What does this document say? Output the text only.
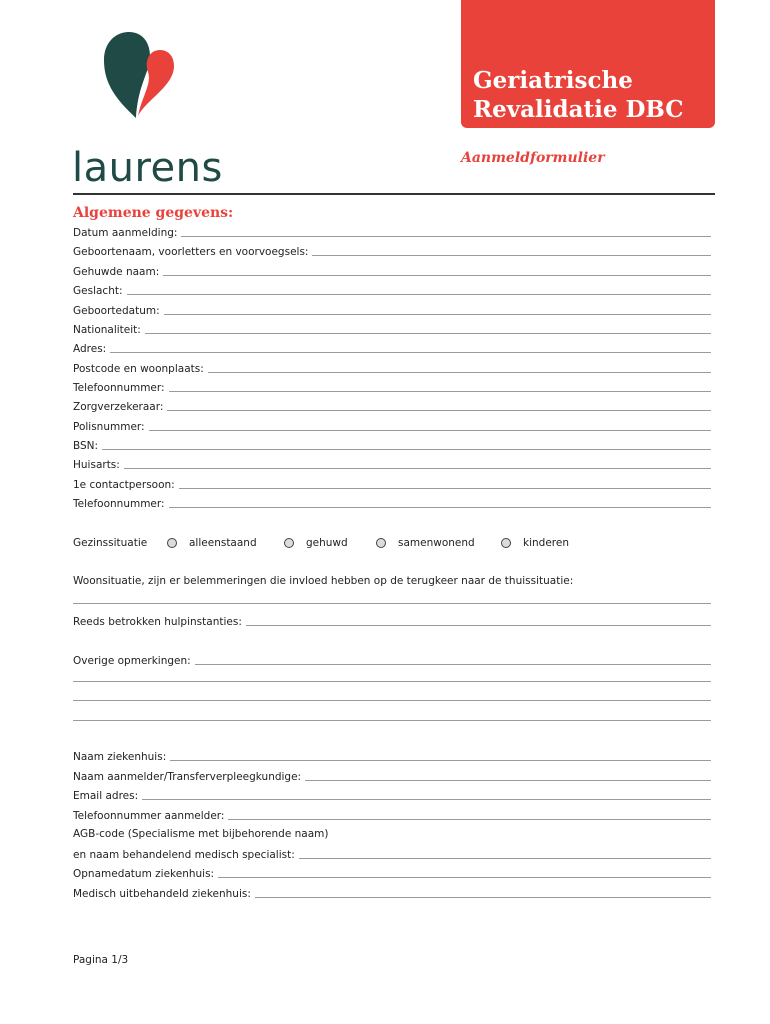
laurens
Geriatrische
Revalidatie DBC
Aanmeldformulier
Algemene gegevens:
Datum aanmelding:
Geboortenaam, voorletters en voorvoegsels:
Gehuwde naam:
Geslacht:
Geboortedatum:
Nationaliteit:
Adres:
Postcode en woonplaats:
Telefoonnummer:
Zorgverzekeraar:
Polisnummer:
BSN:
Huisarts:
1e contactpersoon:
Telefoonnummer:
Gezinssituatie	alleenstaand	gehuwd	samenwonend	kinderen
Woonsituatie, zijn er belemmeringen die invloed hebben op de terugkeer naar de thuissituatie:
Reeds betrokken hulpinstanties:
Overige opmerkingen:
Naam ziekenhuis:
Naam aanmelder/Transferverpleegkundige:
Email adres:
Telefoonnummer aanmelder:
AGB-code (Specialisme met bijbehorende naam)
en naam behandelend medisch specialist:
Opnamedatum ziekenhuis:
Medisch uitbehandeld ziekenhuis:
Pagina 1/3
